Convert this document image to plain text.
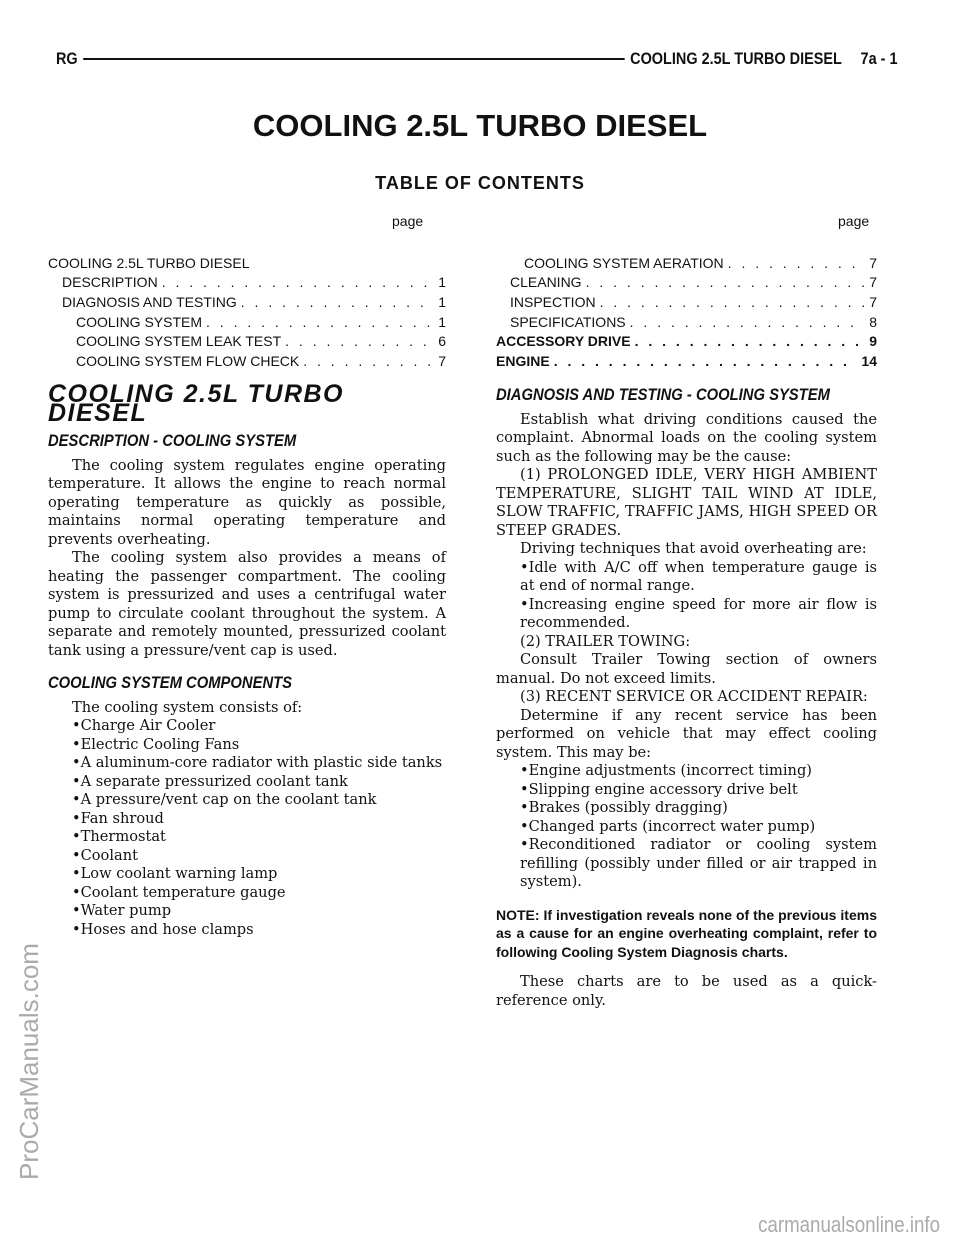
RG	COOLING 2.5L TURBO DIESEL 7a - 1
COOLING 2.5L TURBO DIESEL
TABLE OF CONTENTS
page	page
COOLING 2.5L TURBO DIESEL
DESCRIPTION . . .	1
DIAGNOSIS AND TESTING . . .	1
COOLING SYSTEM . . .	1
COOLING SYSTEM LEAK TEST . . .	6
COOLING SYSTEM FLOW CHECK . . .	7
COOLING SYSTEM AERATION . . .	7
CLEANING . . .	7
INSPECTION . . .	7
SPECIFICATIONS . . .	8
ACCESSORY DRIVE . . .	9
ENGINE . . .	14
COOLING 2.5L TURBO DIESEL
DESCRIPTION - COOLING SYSTEM

The cooling system regulates engine operating temperature. It allows the engine to reach normal operating temperature as quickly as possible, maintains normal operating temperature and prevents overheating.

The cooling system also provides a means of heating the passenger compartment. The cooling system is pressurized and uses a centrifugal water pump to circulate coolant throughout the system. A separate and remotely mounted, pressurized coolant tank using a pressure/vent cap is used.

COOLING SYSTEM COMPONENTS

The cooling system consists of:

• Charge Air Cooler

• Electric Cooling Fans

• A aluminum-core radiator with plastic side tanks

• A separate pressurized coolant tank

• A pressure/vent cap on the coolant tank

• Fan shroud

• Thermostat

• Coolant

• Low coolant warning lamp

• Coolant temperature gauge

• Water pump

• Hoses and hose clamps

DIAGNOSIS AND TESTING - COOLING SYSTEM

Establish what driving conditions caused the complaint. Abnormal loads on the cooling system such as the following may be the cause:

(1) PROLONGED IDLE, VERY HIGH AMBIENT TEMPERATURE, SLIGHT TAIL WIND AT IDLE, SLOW TRAFFIC, TRAFFIC JAMS, HIGH SPEED OR STEEP GRADES.

Driving techniques that avoid overheating are:

• Idle with A/C off when temperature gauge is at end of normal range.

• Increasing engine speed for more air flow is recommended.

(2) TRAILER TOWING:

Consult Trailer Towing section of owners manual. Do not exceed limits.

(3) RECENT SERVICE OR ACCIDENT REPAIR:

Determine if any recent service has been performed on vehicle that may effect cooling system. This may be:

• Engine adjustments (incorrect timing)

• Slipping engine accessory drive belt

• Brakes (possibly dragging)

• Changed parts (incorrect water pump)

• Reconditioned radiator or cooling system refilling (possibly under filled or air trapped in system).

NOTE: If investigation reveals none of the previous items as a cause for an engine overheating complaint, refer to following Cooling System Diagnosis charts.

These charts are to be used as a quick-reference only.

ProCarManuals.com
carmanualsonline.info
